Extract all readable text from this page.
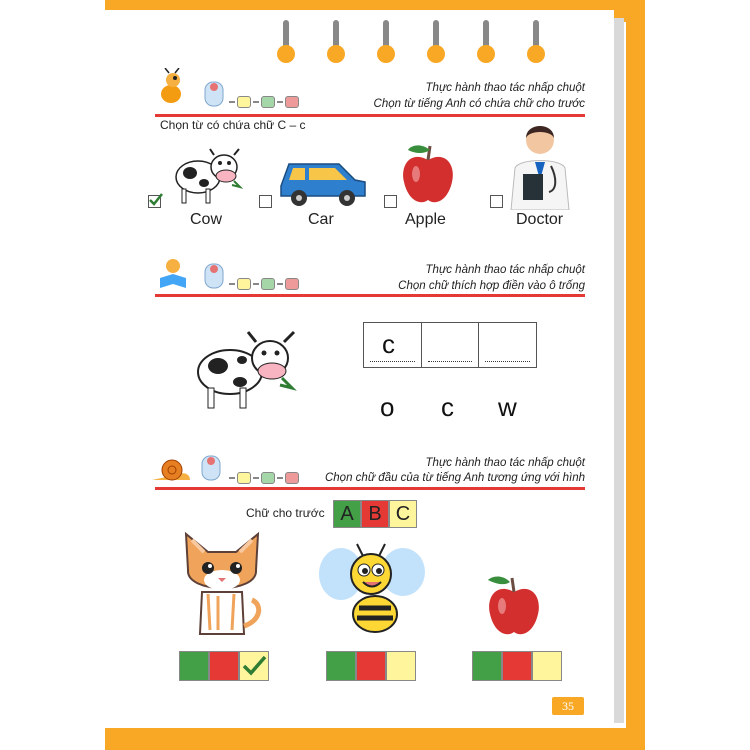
Thực hành thao tác nhấp chuột
Chọn từ tiếng Anh có chứa chữ cho trước
Chọn từ có chứa chữ C – c
Cow	Car	Apple	Doctor
Thực hành thao tác nhấp chuột
Chọn chữ thích hợp điền vào ô trống
c
o c w
Thực hành thao tác nhấp chuột
Chọn chữ đầu của từ tiếng Anh tương ứng với hình
Chữ cho trước A B C
35
